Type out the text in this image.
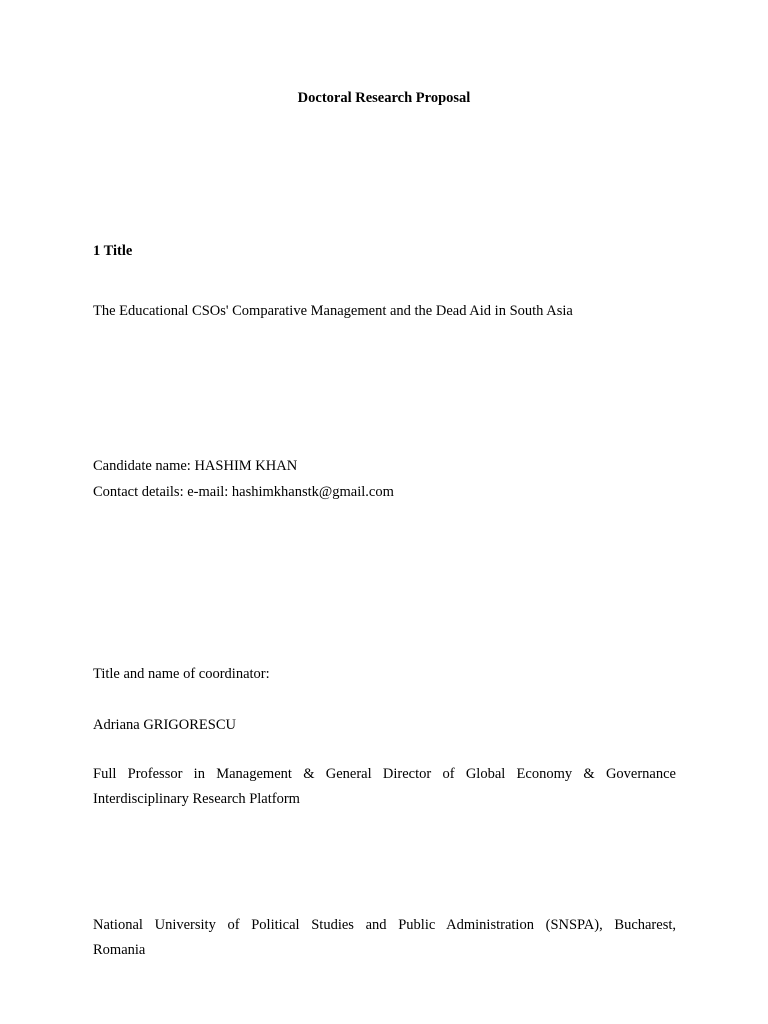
Doctoral Research Proposal
1 Title
The Educational CSOs' Comparative Management and the Dead Aid in South Asia
Candidate name: HASHIM KHAN
Contact details: e-mail: hashimkhanstk@gmail.com
Title and name of coordinator:
Adriana GRIGORESCU
Full Professor in Management & General Director of Global Economy & Governance
Interdisciplinary Research Platform
National University of Political Studies and Public Administration (SNSPA), Bucharest,
Romania
